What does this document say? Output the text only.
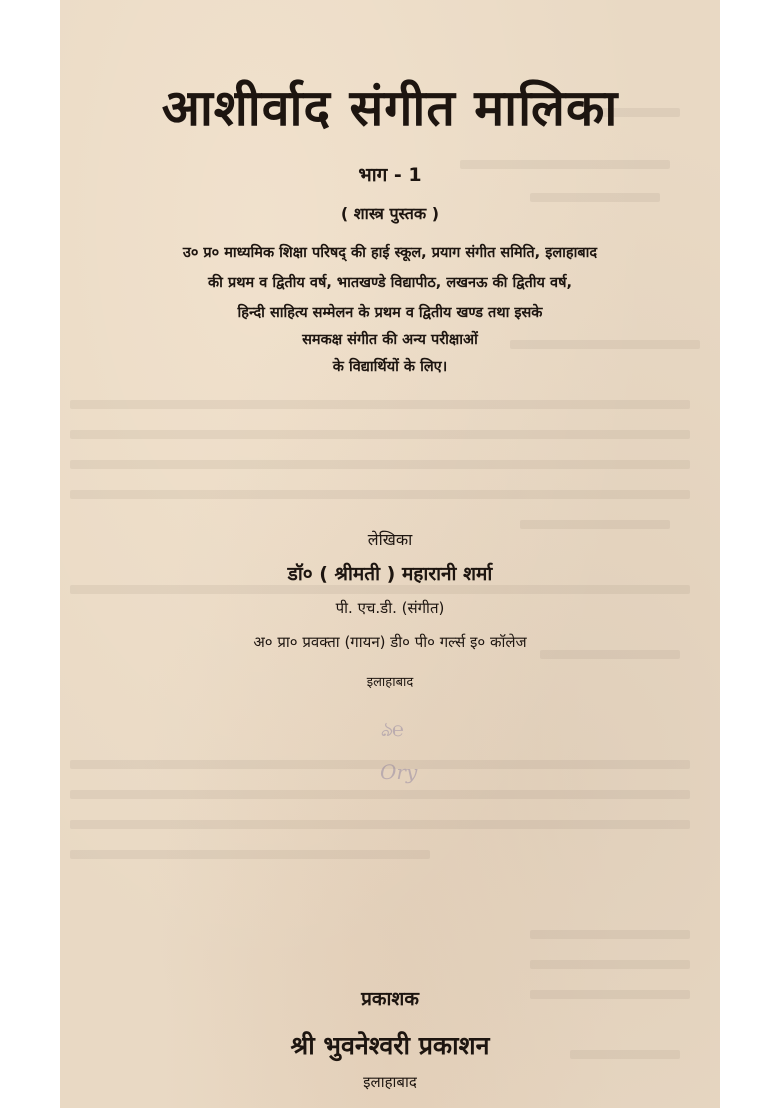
ঌ℮
Ory
आशीर्वाद संगीत मालिका
भाग - 1
( शास्त्र पुस्तक )
उ० प्र० माध्यमिक शिक्षा परिषद् की हाई स्कूल, प्रयाग संगीत समिति, इलाहाबाद
की प्रथम व द्वितीय वर्ष, भातखण्डे विद्यापीठ, लखनऊ की द्वितीय वर्ष,
हिन्दी साहित्य सम्मेलन के प्रथम व द्वितीय खण्ड तथा इसके
समकक्ष संगीत की अन्य परीक्षाओं
के विद्यार्थियों के लिए।
लेखिका
डॉ० ( श्रीमती ) महारानी शर्मा
पी. एच.डी. (संगीत)
अ० प्रा० प्रवक्ता (गायन) डी० पी० गर्ल्स इ० कॉलेज
इलाहाबाद
प्रकाशक
श्री भुवनेश्वरी प्रकाशन
इलाहाबाद
